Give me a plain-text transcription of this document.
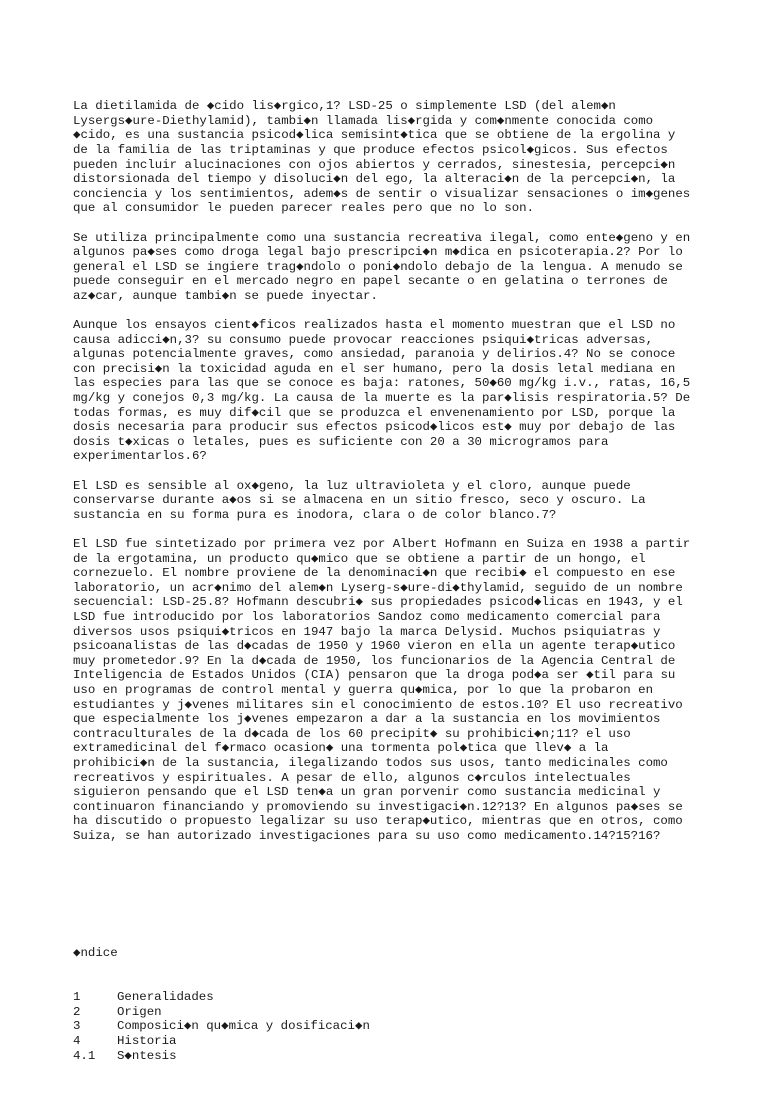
La dietilamida de ◆cido lis◆rgico,1? LSD-25 o simplemente LSD (del alem◆n
Lysergs◆ure-Diethylamid), tambi◆n llamada lis◆rgida y com◆nmente conocida como
◆cido, es una sustancia psicod◆lica semisint◆tica que se obtiene de la ergolina y
de la familia de las triptaminas y que produce efectos psicol◆gicos. Sus efectos
pueden incluir alucinaciones con ojos abiertos y cerrados, sinestesia, percepci◆n
distorsionada del tiempo y disoluci◆n del ego, la alteraci◆n de la percepci◆n, la
conciencia y los sentimientos, adem◆s de sentir o visualizar sensaciones o im◆genes
que al consumidor le pueden parecer reales pero que no lo son.
Se utiliza principalmente como una sustancia recreativa ilegal, como ente◆geno y en
algunos pa◆ses como droga legal bajo prescripci◆n m◆dica en psicoterapia.2? Por lo
general el LSD se ingiere trag◆ndolo o poni◆ndolo debajo de la lengua. A menudo se
puede conseguir en el mercado negro en papel secante o en gelatina o terrones de
az◆car, aunque tambi◆n se puede inyectar.
Aunque los ensayos cient◆ficos realizados hasta el momento muestran que el LSD no
causa adicci◆n,3? su consumo puede provocar reacciones psiqui◆tricas adversas,
algunas potencialmente graves, como ansiedad, paranoia y delirios.4? No se conoce
con precisi◆n la toxicidad aguda en el ser humano, pero la dosis letal mediana en
las especies para las que se conoce es baja: ratones, 50◆60 mg/kg i.v., ratas, 16,5
mg/kg y conejos 0,3 mg/kg. La causa de la muerte es la par◆lisis respiratoria.5? De
todas formas, es muy dif◆cil que se produzca el envenenamiento por LSD, porque la
dosis necesaria para producir sus efectos psicod◆licos est◆ muy por debajo de las
dosis t◆xicas o letales, pues es suficiente con 20 a 30 microgramos para
experimentarlos.6?
El LSD es sensible al ox◆geno, la luz ultravioleta y el cloro, aunque puede
conservarse durante a◆os si se almacena en un sitio fresco, seco y oscuro. La
sustancia en su forma pura es inodora, clara o de color blanco.7?
El LSD fue sintetizado por primera vez por Albert Hofmann en Suiza en 1938 a partir
de la ergotamina, un producto qu◆mico que se obtiene a partir de un hongo, el
cornezuelo. El nombre proviene de la denominaci◆n que recibi◆ el compuesto en ese
laboratorio, un acr◆nimo del alem◆n Lyserg-s◆ure-di◆thylamid, seguido de un nombre
secuencial: LSD-25.8? Hofmann descubri◆ sus propiedades psicod◆licas en 1943, y el
LSD fue introducido por los laboratorios Sandoz como medicamento comercial para
diversos usos psiqui◆tricos en 1947 bajo la marca Delysid. Muchos psiquiatras y
psicoanalistas de las d◆cadas de 1950 y 1960 vieron en ella un agente terap◆utico
muy prometedor.9? En la d◆cada de 1950, los funcionarios de la Agencia Central de
Inteligencia de Estados Unidos (CIA) pensaron que la droga pod◆a ser ◆til para su
uso en programas de control mental y guerra qu◆mica, por lo que la probaron en
estudiantes y j◆venes militares sin el conocimiento de estos.10? El uso recreativo
que especialmente los j◆venes empezaron a dar a la sustancia en los movimientos
contraculturales de la d◆cada de los 60 precipit◆ su prohibici◆n;11? el uso
extramedicinal del f◆rmaco ocasion◆ una tormenta pol◆tica que llev◆ a la
prohibici◆n de la sustancia, ilegalizando todos sus usos, tanto medicinales como
recreativos y espirituales. A pesar de ello, algunos c◆rculos intelectuales
siguieron pensando que el LSD ten◆a un gran porvenir como sustancia medicinal y
continuaron financiando y promoviendo su investigaci◆n.12?13? En algunos pa◆ses se
ha discutido o propuesto legalizar su uso terap◆utico, mientras que en otros, como
Suiza, se han autorizado investigaciones para su uso como medicamento.14?15?16?

◆ndice

1	Generalidades
2	Origen
3	Composici◆n qu◆mica y dosificaci◆n
4	Historia
4.1 S◆ntesis
